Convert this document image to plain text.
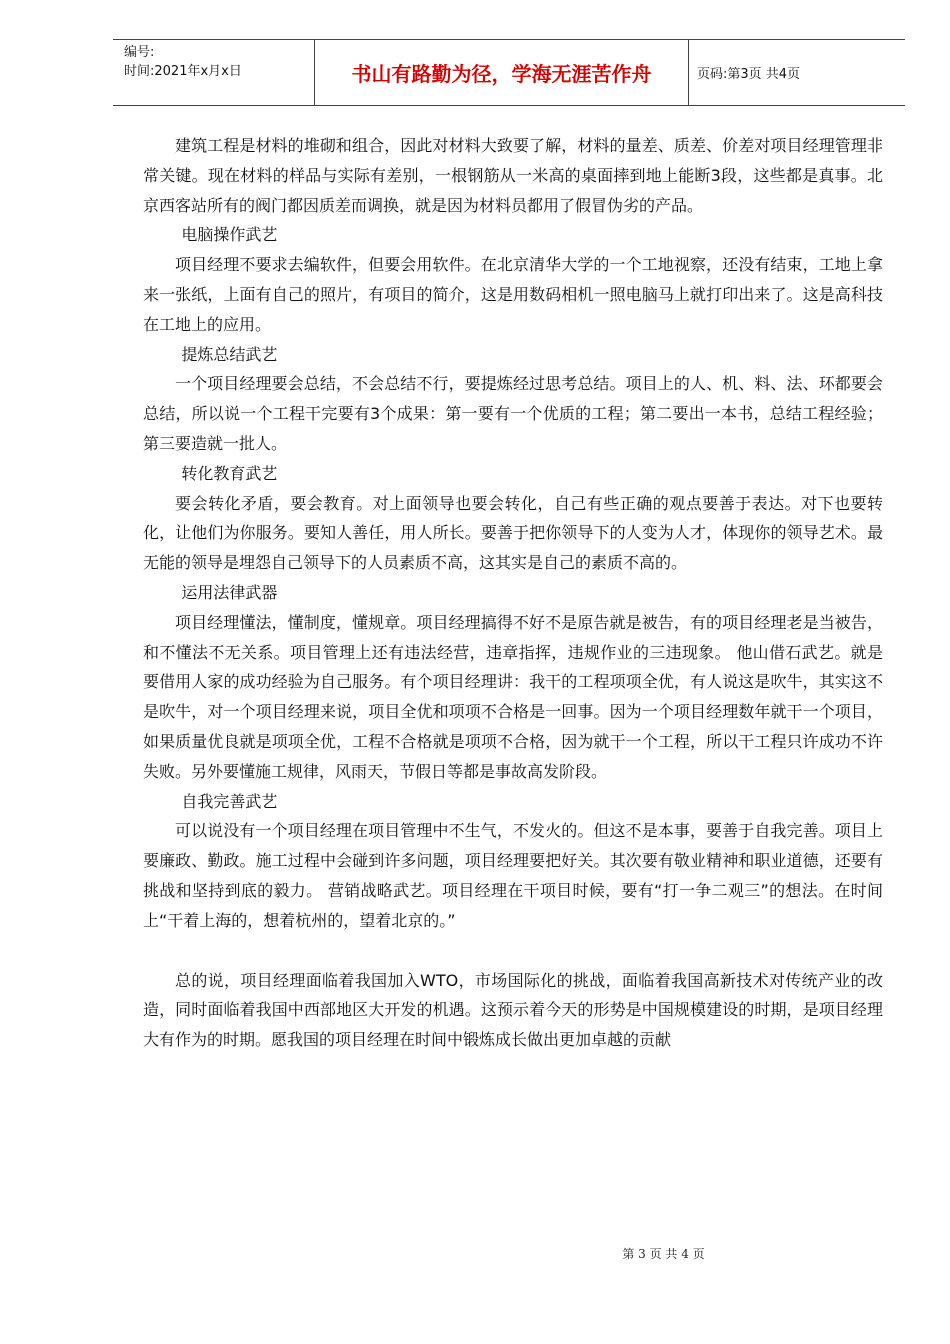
编号:
时间:2021年x月x日	书山有路勤为径，学海无涯苦作舟	页码:第3页 共4页

建筑工程是材料的堆砌和组合，因此对材料大致要了解，材料的量差、质差、价差对项目经理管理非常关键。现在材料的样品与实际有差别，一根钢筋从一米高的桌面摔到地上能断3段，这些都是真事。北京西客站所有的阀门都因质差而调换，就是因为材料员都用了假冒伪劣的产品。

电脑操作武艺

项目经理不要求去编软件，但要会用软件。在北京清华大学的一个工地视察，还没有结束，工地上拿来一张纸，上面有自己的照片，有项目的简介，这是用数码相机一照电脑马上就打印出来了。这是高科技在工地上的应用。

提炼总结武艺

一个项目经理要会总结，不会总结不行，要提炼经过思考总结。项目上的人、机、料、法、环都要会总结，所以说一个工程干完要有3个成果：第一要有一个优质的工程；第二要出一本书，总结工程经验；第三要造就一批人。

转化教育武艺

要会转化矛盾，要会教育。对上面领导也要会转化，自己有些正确的观点要善于表达。对下也要转化，让他们为你服务。要知人善任，用人所长。要善于把你领导下的人变为人才，体现你的领导艺术。最无能的领导是埋怨自己领导下的人员素质不高，这其实是自己的素质不高的。

运用法律武器

项目经理懂法，懂制度，懂规章。项目经理搞得不好不是原告就是被告，有的项目经理老是当被告，和不懂法不无关系。项目管理上还有违法经营，违章指挥，违规作业的三违现象。 他山借石武艺。就是要借用人家的成功经验为自己服务。有个项目经理讲：我干的工程项项全优，有人说这是吹牛，其实这不是吹牛，对一个项目经理来说，项目全优和项项不合格是一回事。因为一个项目经理数年就干一个项目，如果质量优良就是项项全优，工程不合格就是项项不合格，因为就干一个工程，所以干工程只许成功不许失败。另外要懂施工规律，风雨天，节假日等都是事故高发阶段。

自我完善武艺

可以说没有一个项目经理在项目管理中不生气，不发火的。但这不是本事，要善于自我完善。项目上要廉政、勤政。施工过程中会碰到许多问题，项目经理要把好关。其次要有敬业精神和职业道德，还要有挑战和坚持到底的毅力。 营销战略武艺。项目经理在干项目时候，要有“打一争二观三”的想法。在时间上“干着上海的，想着杭州的，望着北京的。”

总的说，项目经理面临着我国加入WTO，市场国际化的挑战，面临着我国高新技术对传统产业的改造，同时面临着我国中西部地区大开发的机遇。这预示着今天的形势是中国规模建设的时期，是项目经理大有作为的时期。愿我国的项目经理在时间中锻炼成长做出更加卓越的贡献

第 3 页 共 4 页
